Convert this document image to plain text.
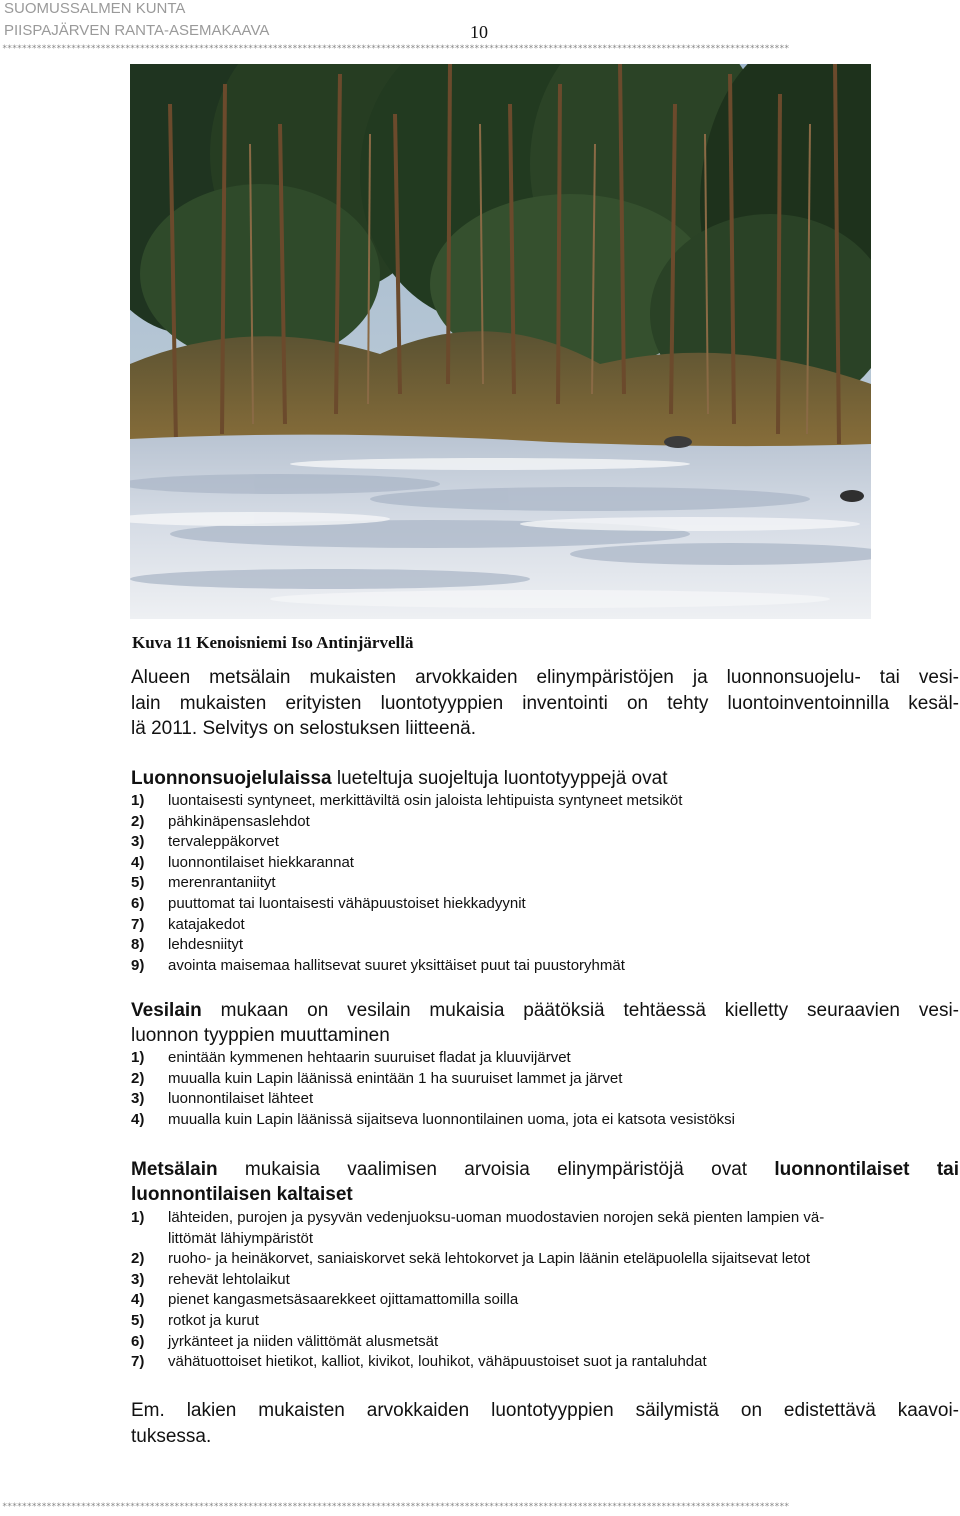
SUOMUSSALMEN KUNTA
PIISPAJÄRVEN RANTA-ASEMAKAAVA	10
****************************************************************************************************************************************************************
Kuva 11 Kenoisniemi Iso Antinjärvellä
Alueen metsälain mukaisten arvokkaiden elinympäristöjen ja luonnonsuojelu- tai vesi-
lain mukaisten erityisten luontotyyppien inventointi on tehty luontoinventoinnilla kesäl-
lä 2011. Selvitys on selostuksen liitteenä.
Luonnonsuojelulaissa lueteltuja suojeltuja luontotyyppejä ovat
1) luontaisesti syntyneet, merkittäviltä osin jaloista lehtipuista syntyneet metsiköt
2) pähkinäpensaslehdot
3) tervaleppäkorvet
4) luonnontilaiset hiekkarannat
5) merenrantaniityt
6) puuttomat tai luontaisesti vähäpuustoiset hiekkadyynit
7) katajakedot
8) lehdesniityt
9) avointa maisemaa hallitsevat suuret yksittäiset puut tai puustoryhmät
Vesilain mukaan on vesilain mukaisia päätöksiä tehtäessä kielletty seuraavien vesi-
luonnon tyyppien muuttaminen
1) enintään kymmenen hehtaarin suuruiset fladat ja kluuvijärvet
2) muualla kuin Lapin läänissä enintään 1 ha suuruiset lammet ja järvet
3) luonnontilaiset lähteet
4) muualla kuin Lapin läänissä sijaitseva luonnontilainen uoma, jota ei katsota vesistöksi
Metsälain mukaisia vaalimisen arvoisia elinympäristöjä ovat luonnontilaiset tai
luonnontilaisen kaltaiset
1) lähteiden, purojen ja pysyvän vedenjuoksu-uoman muodostavien norojen sekä pienten lampien vä-
littömät lähiympäristöt
2) ruoho- ja heinäkorvet, saniaiskorvet sekä lehtokorvet ja Lapin läänin eteläpuolella sijaitsevat letot
3) rehevät lehtolaikut
4) pienet kangasmetsäsaarekkeet ojittamattomilla soilla
5) rotkot ja kurut
6) jyrkänteet ja niiden välittömät alusmetsät
7) vähätuottoiset hietikot, kalliot, kivikot, louhikot, vähäpuustoiset suot ja rantaluhdat
Em. lakien mukaisten arvokkaiden luontotyyppien säilymistä on edistettävä kaavoi-
tuksessa.
****************************************************************************************************************************************************************
